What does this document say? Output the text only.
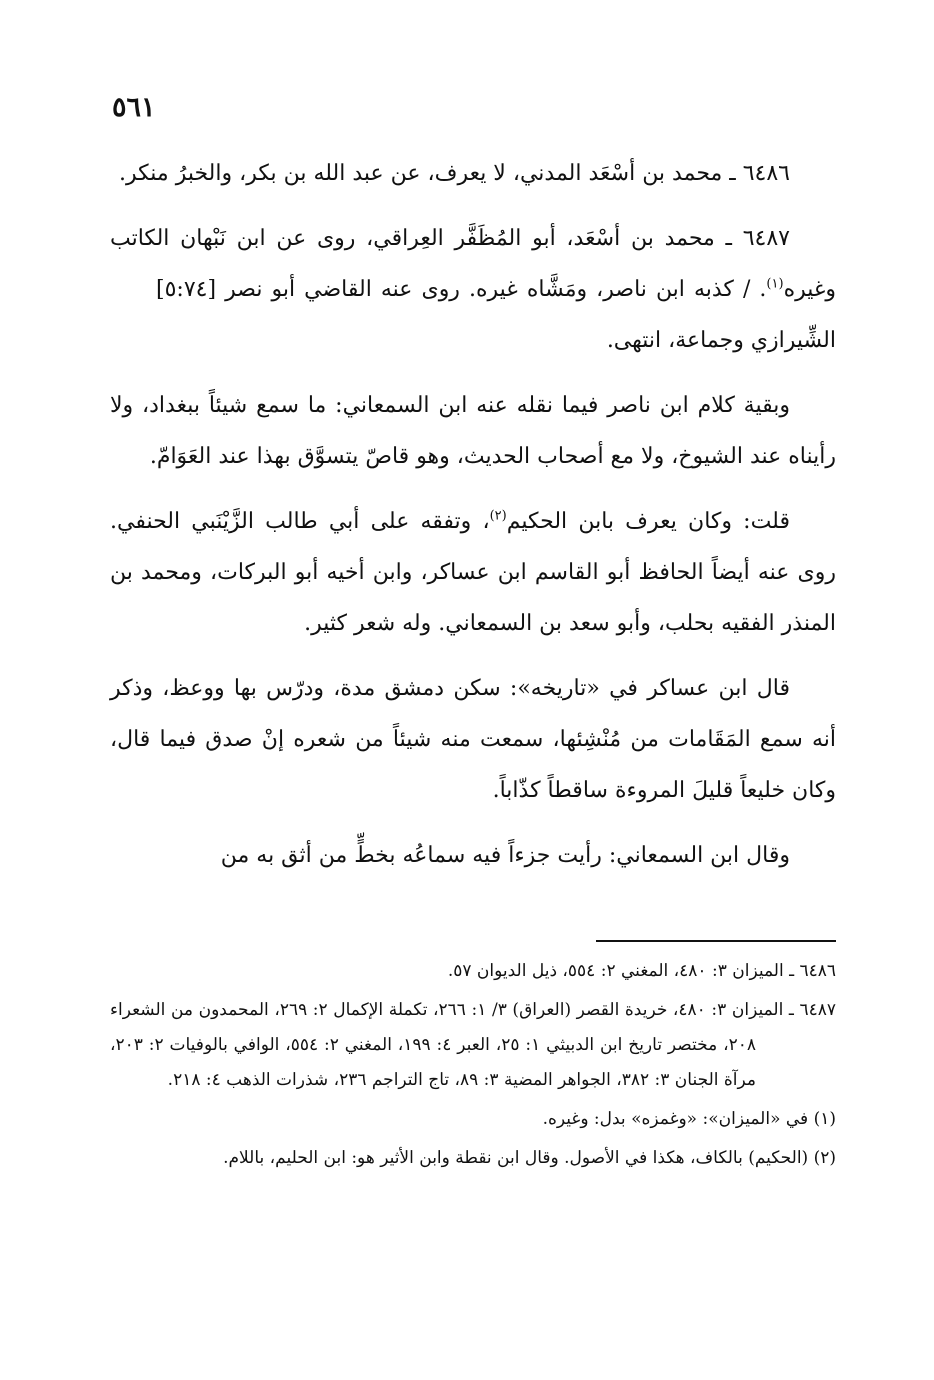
٥٦١

٦٤٨٦ ـ محمد بن أسْعَد المدني، لا يعرف، عن عبد الله بن بكر، والخبرُ منكر.

٦٤٨٧ ـ محمد بن أسْعَد، أبو المُظَفَّر العِراقي، روى عن ابن نَبْهان الكاتب وغيره$^{(١)}$. / كذبه ابن ناصر، ومَشَّاه غيره. روى عنه القاضي أبو نصر [٥:٧٤] الشِّيرازي وجماعة، انتهى.

وبقية كلام ابن ناصر فيما نقله عنه ابن السمعاني: ما سمع شيئاً ببغداد، ولا رأيناه عند الشيوخ، ولا مع أصحاب الحديث، وهو قاصّ يتسوَّق بهذا عند العَوَامّ.

قلت: وكان يعرف بابن الحكيم$^{(٢)}$، وتفقه على أبي طالب الزَّيْنَبي الحنفي. روى عنه أيضاً الحافظ أبو القاسم ابن عساكر، وابن أخيه أبو البركات، ومحمد بن المنذر الفقيه بحلب، وأبو سعد بن السمعاني. وله شعر كثير.

قال ابن عساكر في «تاريخه»: سكن دمشق مدة، ودرّس بها ووعظ، وذكر أنه سمع المَقَامات من مُنْشِئها، سمعت منه شيئاً من شعره إنْ صدق فيما قال، وكان خليعاً قليلَ المروءة ساقطاً كذّاباً.

وقال ابن السمعاني: رأيت جزءاً فيه سماعُه بخطٍّ من أثق به من

٦٤٨٦ ـ الميزان ٣: ٤٨٠، المغني ٢: ٥٥٤، ذيل الديوان ٥٧.

٦٤٨٧ ـ الميزان ٣: ٤٨٠، خريدة القصر (العراق) ٣/ ١: ٢٦٦، تكملة الإكمال ٢: ٢٦٩، المحمدون من الشعراء ٢٠٨، مختصر تاريخ ابن الدبيثي ١: ٢٥، العبر ٤: ١٩٩، المغني ٢: ٥٥٤، الوافي بالوفيات ٢: ٢٠٣، مرآة الجنان ٣: ٣٨٢، الجواهر المضية ٣: ٨٩، تاج التراجم ٢٣٦، شذرات الذهب ٤: ٢١٨.

(١) في «الميزان»: «وغمزه» بدل: وغيره.

(٢) (الحكيم) بالكاف، هكذا في الأصول. وقال ابن نقطة وابن الأثير هو: ابن الحليم، باللام.
